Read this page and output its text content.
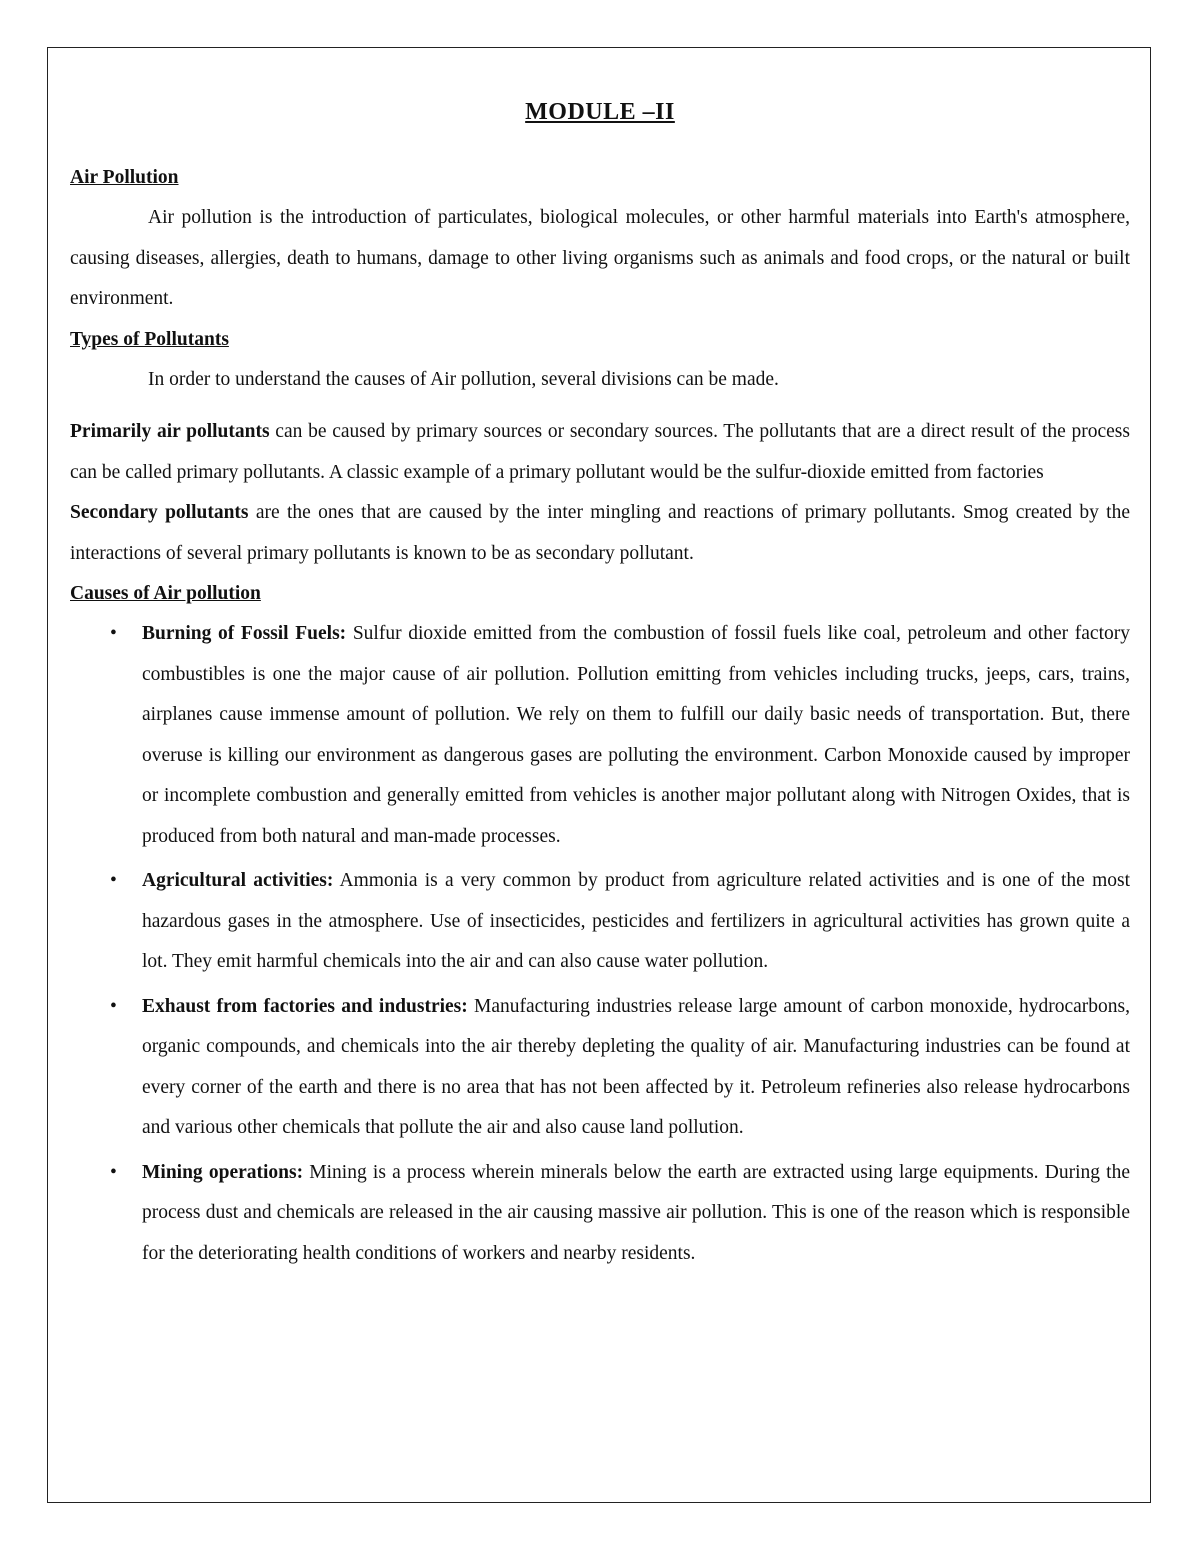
MODULE –II
Air Pollution

Air pollution is the introduction of particulates, biological molecules, or other harmful materials into Earth's atmosphere, causing diseases, allergies, death to humans, damage to other living organisms such as animals and food crops, or the natural or built environment.

Types of Pollutants

In order to understand the causes of Air pollution, several divisions can be made.

Primarily air pollutants can be caused by primary sources or secondary sources. The pollutants that are a direct result of the process can be called primary pollutants. A classic example of a primary pollutant would be the sulfur-dioxide emitted from factories

Secondary pollutants are the ones that are caused by the inter mingling and reactions of primary pollutants. Smog created by the interactions of several primary pollutants is known to be as secondary pollutant.

Causes of Air pollution
• Burning of Fossil Fuels: Sulfur dioxide emitted from the combustion of fossil fuels like coal, petroleum and other factory combustibles is one the major cause of air pollution. Pollution emitting from vehicles including trucks, jeeps, cars, trains, airplanes cause immense amount of pollution. We rely on them to fulfill our daily basic needs of transportation. But, there overuse is killing our environment as dangerous gases are polluting the environment. Carbon Monoxide caused by improper or incomplete combustion and generally emitted from vehicles is another major pollutant along with Nitrogen Oxides, that is produced from both natural and man-made processes.
• Agricultural activities: Ammonia is a very common by product from agriculture related activities and is one of the most hazardous gases in the atmosphere. Use of insecticides, pesticides and fertilizers in agricultural activities has grown quite a lot. They emit harmful chemicals into the air and can also cause water pollution.
• Exhaust from factories and industries: Manufacturing industries release large amount of carbon monoxide, hydrocarbons, organic compounds, and chemicals into the air thereby depleting the quality of air. Manufacturing industries can be found at every corner of the earth and there is no area that has not been affected by it. Petroleum refineries also release hydrocarbons and various other chemicals that pollute the air and also cause land pollution.
• Mining operations: Mining is a process wherein minerals below the earth are extracted using large equipments. During the process dust and chemicals are released in the air causing massive air pollution. This is one of the reason which is responsible for the deteriorating health conditions of workers and nearby residents.
